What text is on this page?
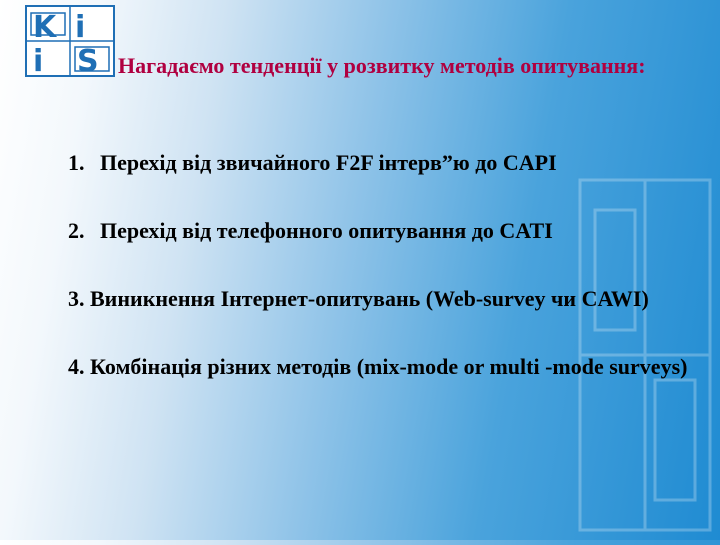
K i
i S Нагадаємо тенденції у розвитку методів опитування:
1. Перехід від звичайного F2F інтерв”ю до CAPI
2. Перехід від телефонного опитування до CATI
3. Виникнення Інтернет-опитувань (Web-survey чи CAWI)
4. Комбінація різних методів (mix-mode or multi -mode surveys)
